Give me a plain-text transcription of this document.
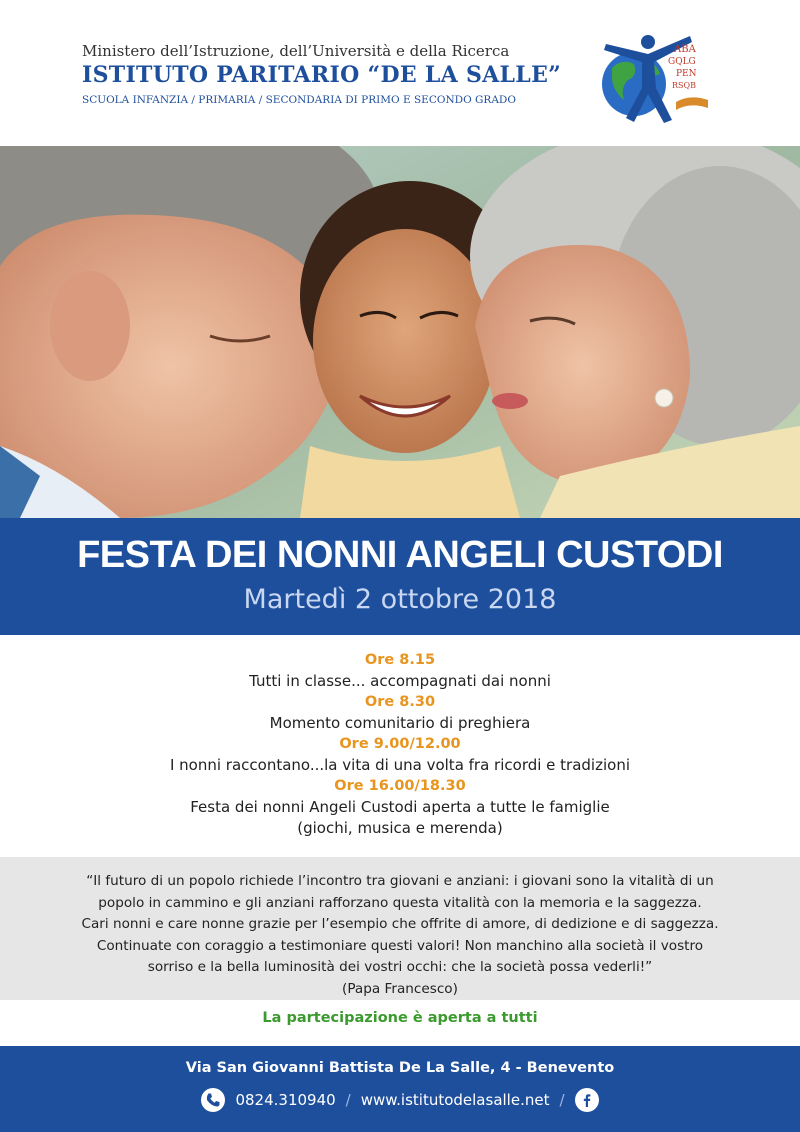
Ministero dell’Istruzione, dell’Università e della Ricerca
ISTITUTO PARITARIO “DE LA SALLE”
SCUOLA INFANZIA / PRIMARIA / SECONDARIA DI PRIMO E SECONDO GRADO
ABA
GQLG
PEN
RSQB
FESTA DEI NONNI ANGELI CUSTODI
Martedì 2 ottobre 2018
Ore 8.15
Tutti in classe... accompagnati dai nonni
Ore 8.30
Momento comunitario di preghiera
Ore 9.00/12.00
I nonni raccontano...la vita di una volta fra ricordi e tradizioni
Ore 16.00/18.30
Festa dei nonni Angeli Custodi aperta a tutte le famiglie
(giochi, musica e merenda)
“Il futuro di un popolo richiede l’incontro tra giovani e anziani: i giovani sono la vitalità di un
popolo in cammino e gli anziani rafforzano questa vitalità con la memoria e la saggezza.
Cari nonni e care nonne grazie per l’esempio che offrite di amore, di dedizione e di saggezza.
Continuate con coraggio a testimoniare questi valori! Non manchino alla società il vostro
sorriso e la bella luminosità dei vostri occhi: che la società possa vederli!”
(Papa Francesco)
La partecipazione è aperta a tutti
Via San Giovanni Battista De La Salle, 4 - Benevento
0824.310940 / www.istitutodelasalle.net /
